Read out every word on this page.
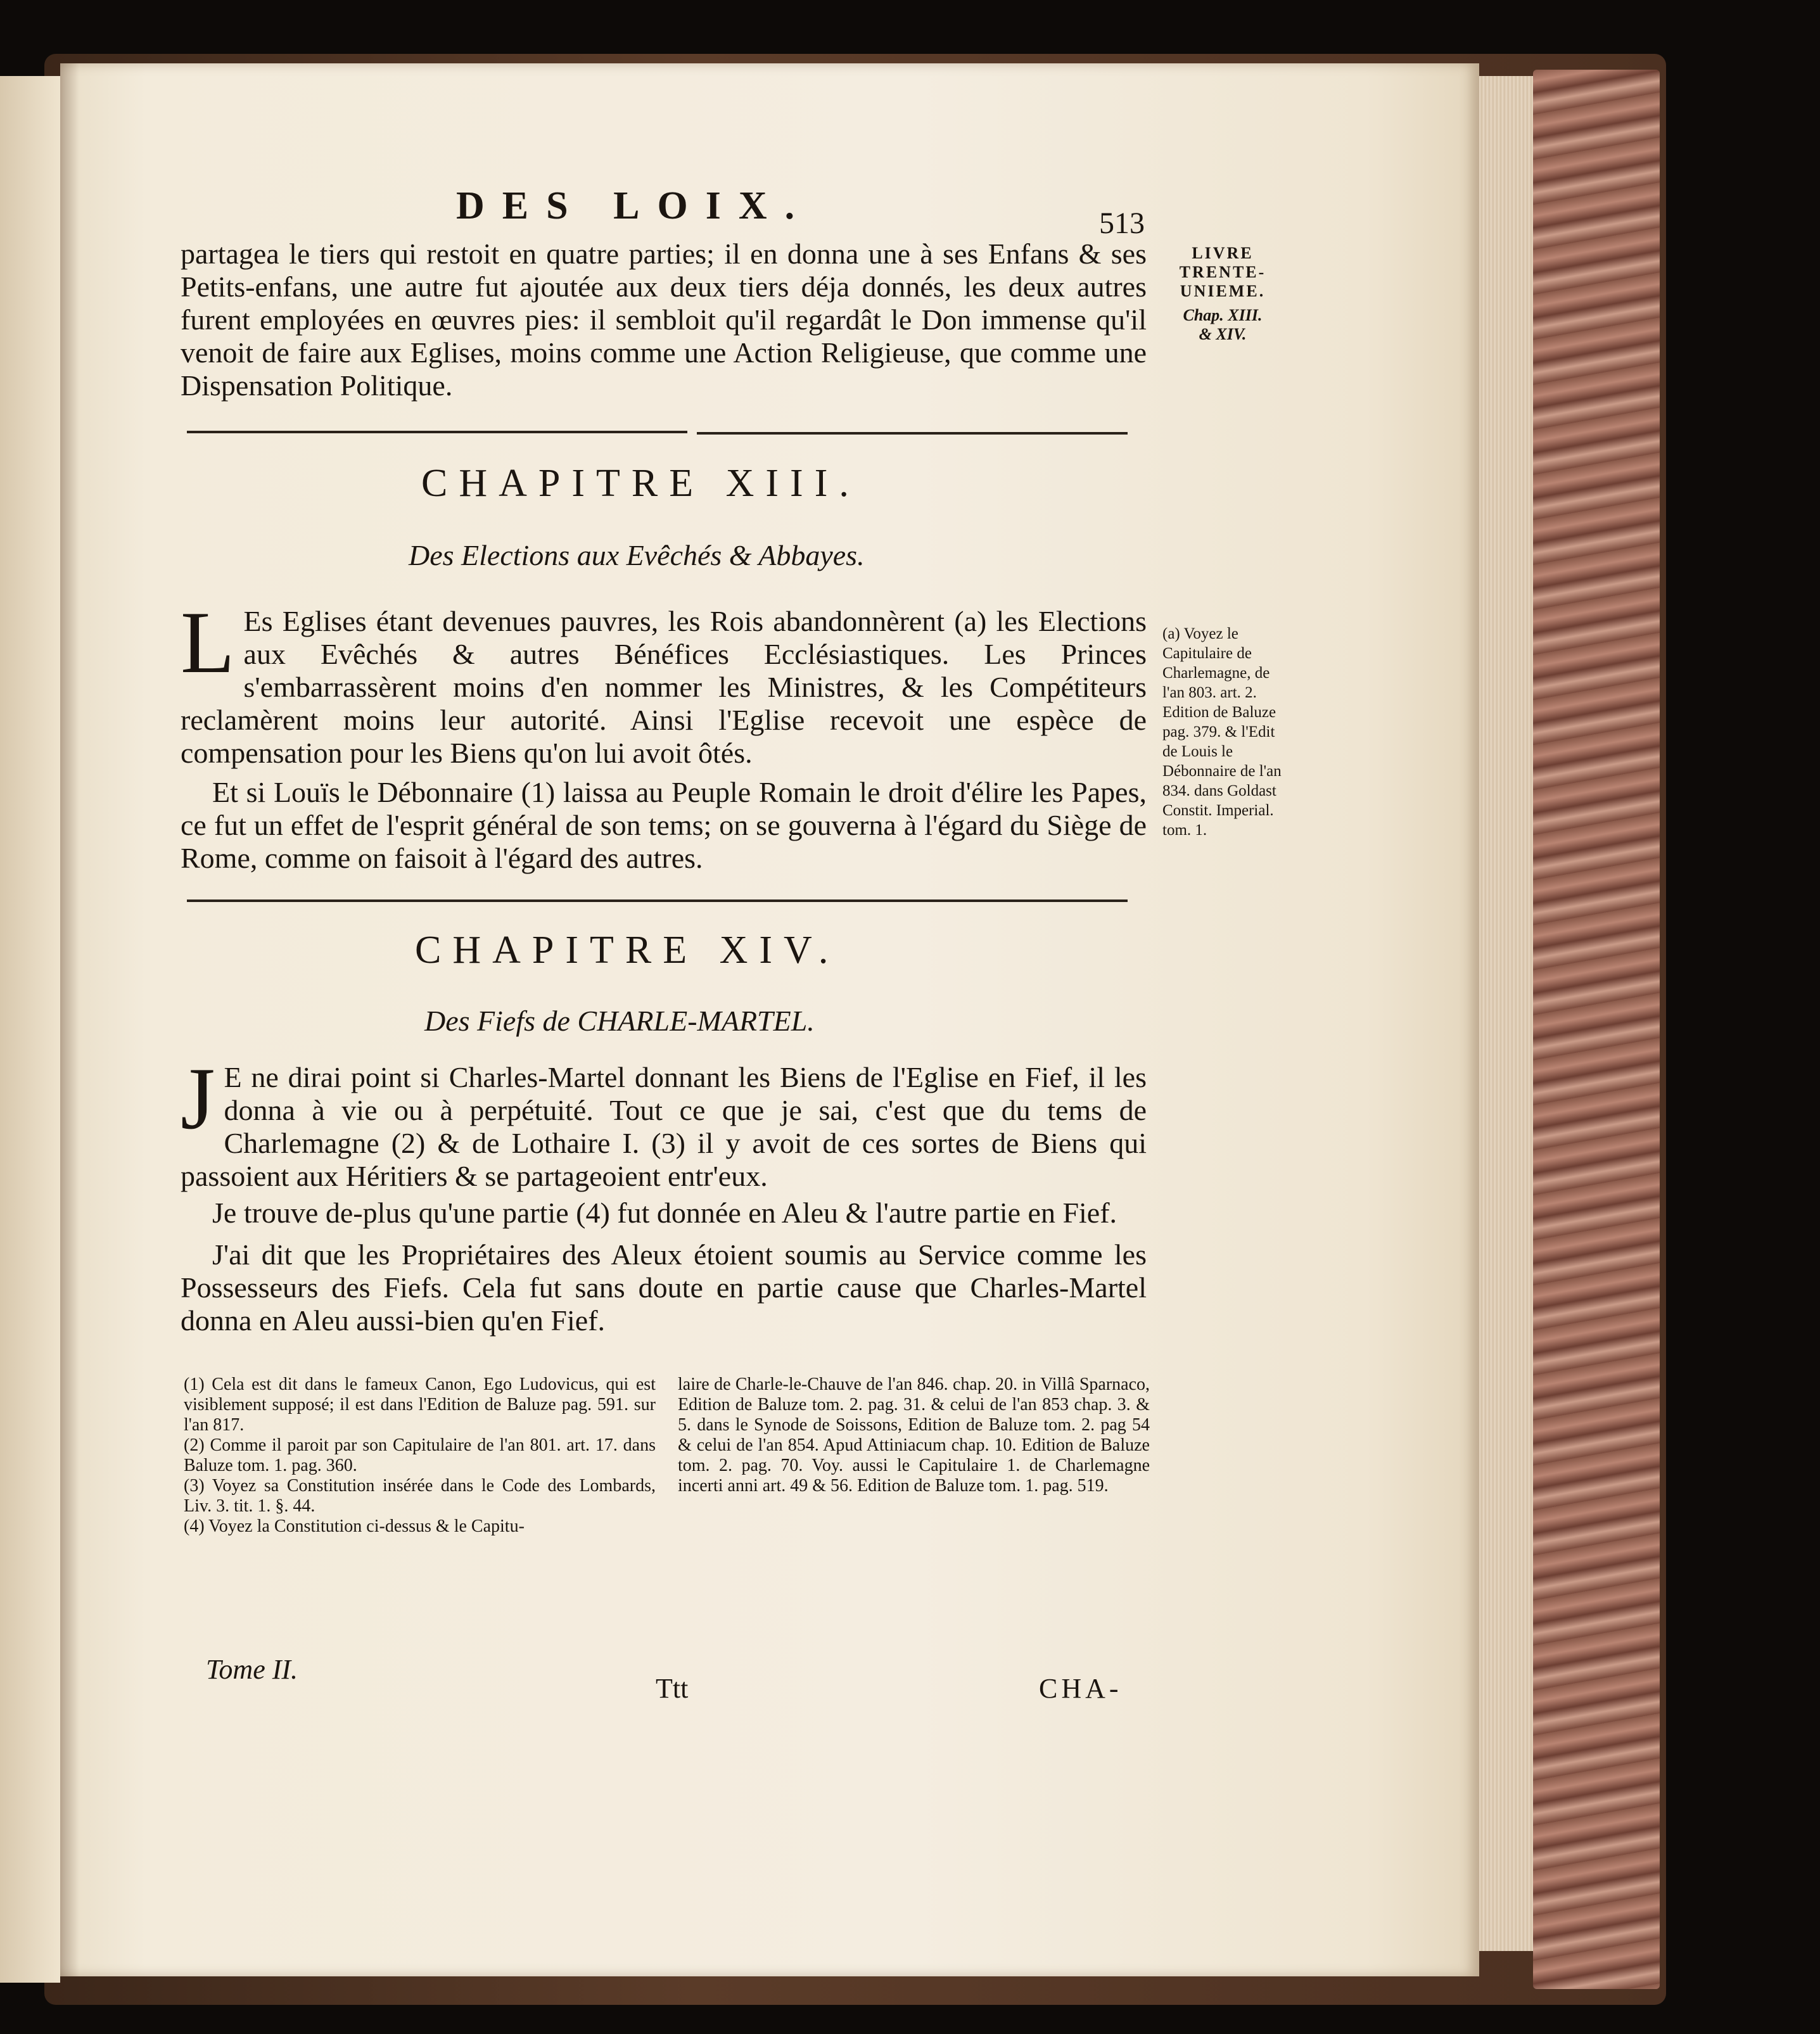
DES LOIX.	513
LIVRE
TRENTE-
UNIEME.
Chap. XIII.
& XIV.

partagea le tiers qui restoit en quatre parties; il en donna une à ses Enfans & ses Petits-enfans, une autre fut ajoutée aux deux tiers déja donnés, les deux autres furent employées en œuvres pies: il sembloit qu'il regardât le Don immense qu'il venoit de faire aux Eglises, moins comme une Action Religieuse, que comme une Dispensation Politique.

CHAPITRE XIII.
Des Elections aux Evêchés & Abbayes.

L Es Eglises étant devenues pauvres, les Rois abandonnèrent (a) les Elections aux Evêchés & autres Bénéfices Ecclésiastiques. Les Princes s'embarrassèrent moins d'en nommer les Ministres, & les Compétiteurs reclamèrent moins leur autorité. Ainsi l'Eglise recevoit une espèce de compensation pour les Biens qu'on lui avoit ôtés.

Et si Louïs le Débonnaire (1) laissa au Peuple Romain le droit d'élire les Papes, ce fut un effet de l'esprit général de son tems; on se gouverna à l'égard du Siège de Rome, comme on faisoit à l'égard des autres.

(a) Voyez le Capitulaire de Charlemagne, de l'an 803. art. 2. Edition de Baluze pag. 379. & l'Edit de Louis le Débonnaire de l'an 834. dans Goldast Constit. Imperial. tom. 1.
CHAPITRE XIV.
Des Fiefs de CHARLE-MARTEL.

J E ne dirai point si Charles-Martel donnant les Biens de l'Eglise en Fief, il les donna à vie ou à perpétuité. Tout ce que je sai, c'est que du tems de Charlemagne (2) & de Lothaire I. (3) il y avoit de ces sortes de Biens qui passoient aux Héritiers & se partageoient entr'eux.

Je trouve de-plus qu'une partie (4) fut donnée en Aleu & l'autre partie en Fief.

J'ai dit que les Propriétaires des Aleux étoient soumis au Service comme les Possesseurs des Fiefs. Cela fut sans doute en partie cause que Charles-Martel donna en Aleu aussi-bien qu'en Fief.

(1) Cela est dit dans le fameux Canon, Ego Ludovicus, qui est visiblement supposé; il est dans l'Edition de Baluze pag. 591. sur l'an 817.

(2) Comme il paroit par son Capitulaire de l'an 801. art. 17. dans Baluze tom. 1. pag. 360.

(3) Voyez sa Constitution insérée dans le Code des Lombards, Liv. 3. tit. 1. §. 44.

(4) Voyez la Constitution ci-dessus & le Capitu-

laire de Charle-le-Chauve de l'an 846. chap. 20. in Villâ Sparnaco, Edition de Baluze tom. 2. pag. 31. & celui de l'an 853 chap. 3. & 5. dans le Synode de Soissons, Edition de Baluze tom. 2. pag 54 & celui de l'an 854. Apud Attiniacum chap. 10. Edition de Baluze tom. 2. pag. 70. Voy. aussi le Capitulaire 1. de Charlemagne incerti anni art. 49 & 56. Edition de Baluze tom. 1. pag. 519.

Tome II.
Ttt	CHA-
